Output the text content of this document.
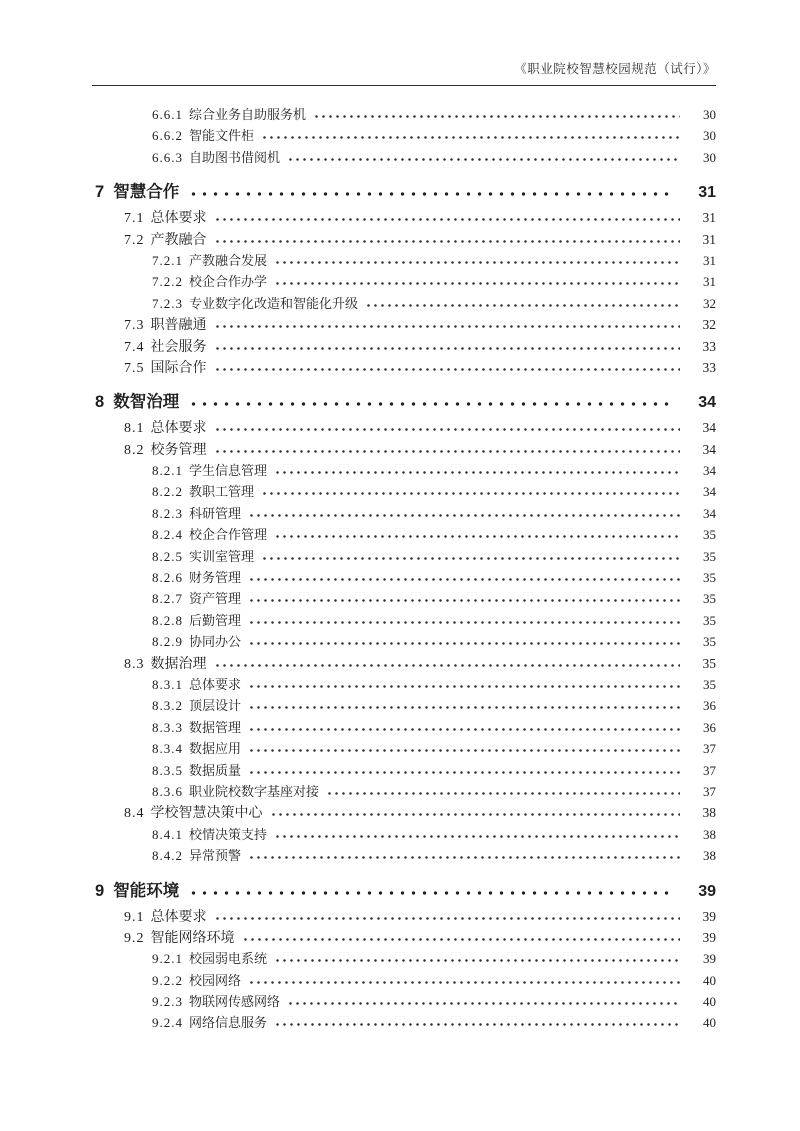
《职业院校智慧校园规范（试行）》
6.6.1 综合业务自助服务机	30
6.6.2 智能文件柜	30
6.6.3 自助图书借阅机	30
7 智慧合作	31
7.1 总体要求	31
7.2 产教融合	31
7.2.1 产教融合发展	31
7.2.2 校企合作办学	31
7.2.3 专业数字化改造和智能化升级	32
7.3 职普融通	32
7.4 社会服务	33
7.5 国际合作	33
8 数智治理	34
8.1 总体要求	34
8.2 校务管理	34
8.2.1 学生信息管理	34
8.2.2 教职工管理	34
8.2.3 科研管理	34
8.2.4 校企合作管理	35
8.2.5 实训室管理	35
8.2.6 财务管理	35
8.2.7 资产管理	35
8.2.8 后勤管理	35
8.2.9 协同办公	35
8.3 数据治理	35
8.3.1 总体要求	35
8.3.2 顶层设计	36
8.3.3 数据管理	36
8.3.4 数据应用	37
8.3.5 数据质量	37
8.3.6 职业院校数字基座对接	37
8.4 学校智慧决策中心	38
8.4.1 校情决策支持	38
8.4.2 异常预警	38
9 智能环境	39
9.1 总体要求	39
9.2 智能网络环境	39
9.2.1 校园弱电系统	39
9.2.2 校园网络	40
9.2.3 物联网传感网络	40
9.2.4 网络信息服务	40
